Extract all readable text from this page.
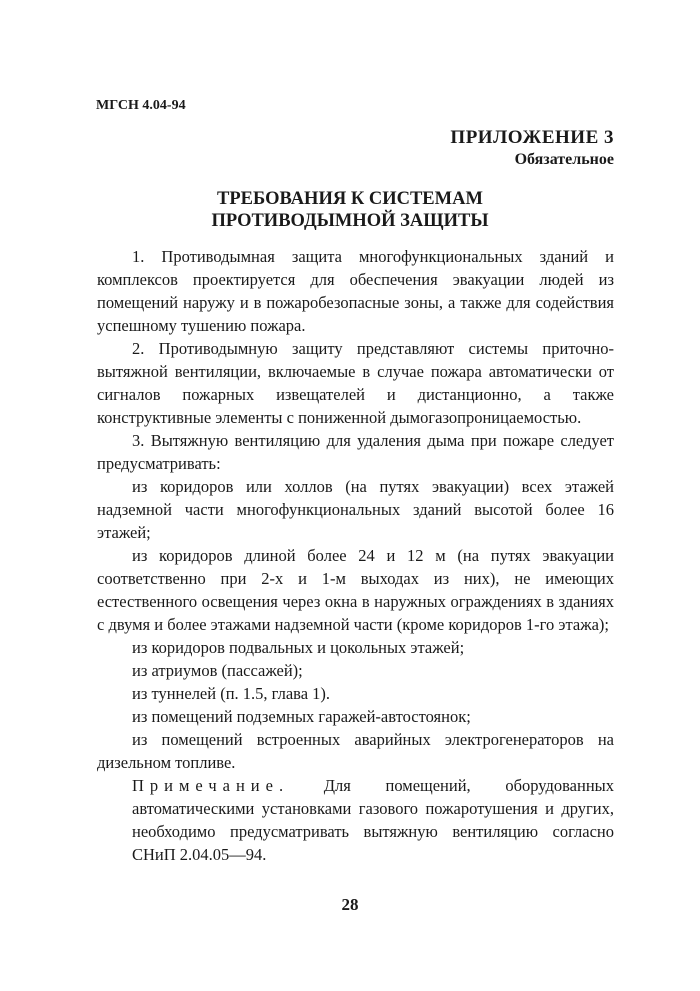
МГСН 4.04-94
ПРИЛОЖЕНИЕ 3
Обязательное
ТРЕБОВАНИЯ К СИСТЕМАМ
ПРОТИВОДЫМНОЙ ЗАЩИТЫ

1. Противодымная защита многофункциональных зданий и комплексов проектируется для обеспечения эвакуации людей из помещений наружу и в пожаробезопасные зоны, а также для содействия успешному тушению пожара.

2. Противодымную защиту представляют системы приточно-вытяжной вентиляции, включаемые в случае пожара автоматически от сигналов пожарных извещателей и дистанционно, а также конструктивные элементы с пониженной дымогазопроницаемостью.

3. Вытяжную вентиляцию для удаления дыма при пожаре следует предусматривать:

из коридоров или холлов (на путях эвакуации) всех этажей надземной части многофункциональных зданий высотой более 16 этажей;

из коридоров длиной более 24 и 12 м (на путях эвакуации соответственно при 2-х и 1-м выходах из них), не имеющих естественного освещения через окна в наружных ограждениях в зданиях с двумя и более этажами надземной части (кроме коридоров 1-го этажа);

из коридоров подвальных и цокольных этажей;

из атриумов (пассажей);

из туннелей (п. 1.5, глава 1).

из помещений подземных гаражей-автостоянок;

из помещений встроенных аварийных электрогенераторов на дизельном топливе.

Примечание. Для помещений, оборудованных автоматическими установками газового пожаротушения и других, необходимо предусматривать вытяжную вентиляцию согласно СНиП 2.04.05—94.
28
